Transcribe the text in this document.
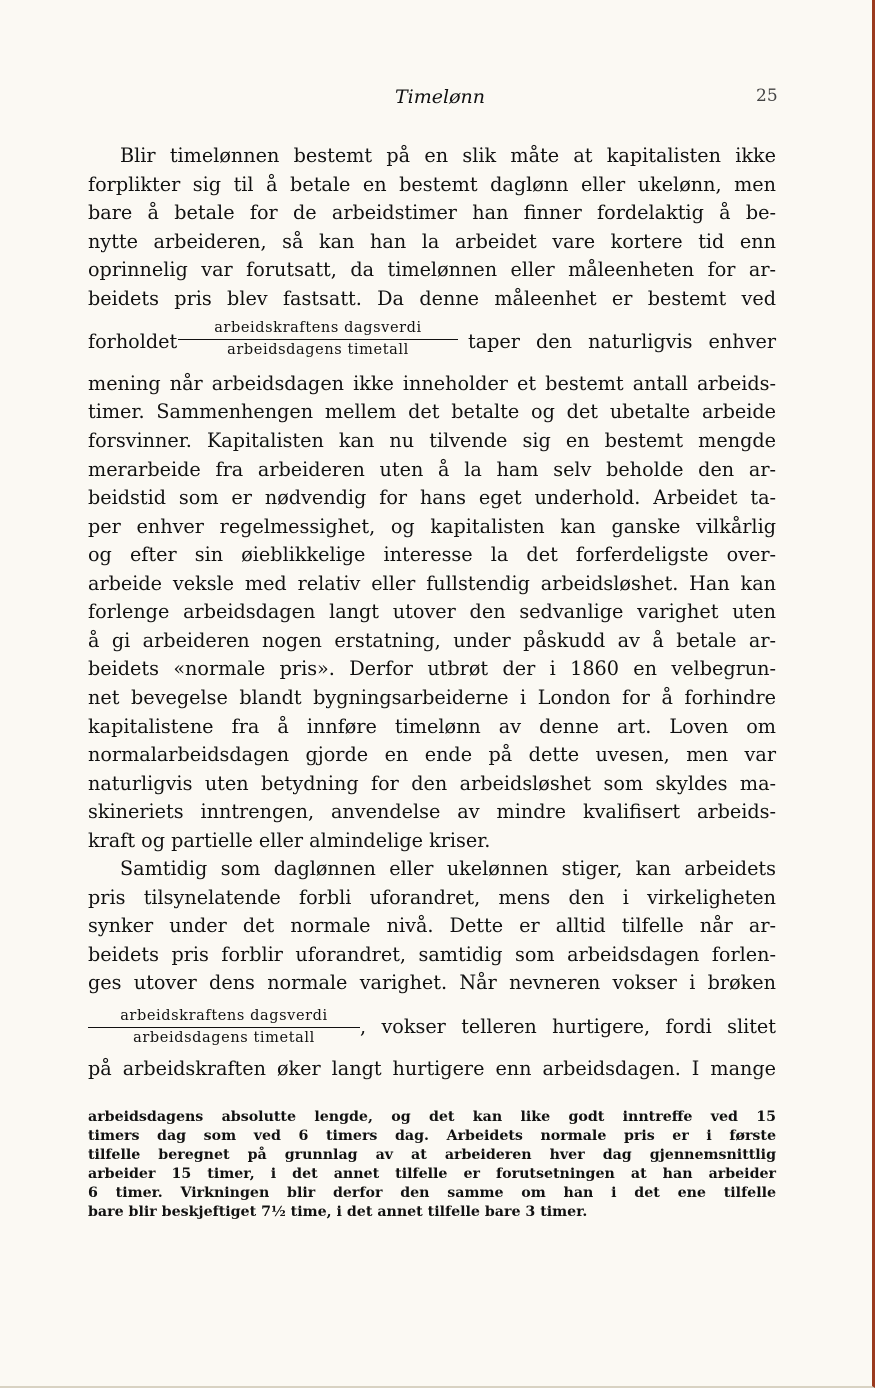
Timelønn	25
Blir timelønnen bestemt på en slik måte at kapitalisten ikke
forplikter sig til å betale en bestemt daglønn eller ukelønn, men
bare å betale for de arbeidstimer han finner fordelaktig å be-
nytte arbeideren, så kan han la arbeidet vare kortere tid enn
oprinnelig var forutsatt, da timelønnen eller måleenheten for ar-
beidets pris blev fastsatt. Da denne måleenhet er bestemt ved
forholdet
arbeidskraftens dagsverdi
arbeidsdagens timetall	taper den naturligvis enhver
mening når arbeidsdagen ikke inneholder et bestemt antall arbeids-
timer. Sammenhengen mellem det betalte og det ubetalte arbeide
forsvinner. Kapitalisten kan nu tilvende sig en bestemt mengde
merarbeide fra arbeideren uten å la ham selv beholde den ar-
beidstid som er nødvendig for hans eget underhold. Arbeidet ta-
per enhver regelmessighet, og kapitalisten kan ganske vilkårlig
og efter sin øieblikkelige interesse la det forferdeligste over-
arbeide veksle med relativ eller fullstendig arbeidsløshet. Han kan
forlenge arbeidsdagen langt utover den sedvanlige varighet uten
å gi arbeideren nogen erstatning, under påskudd av å betale ar-
beidets «normale pris». Derfor utbrøt der i 1860 en velbegrun-
net bevegelse blandt bygningsarbeiderne i London for å forhindre
kapitalistene fra å innføre timelønn av denne art. Loven om
normalarbeidsdagen gjorde en ende på dette uvesen, men var
naturligvis uten betydning for den arbeidsløshet som skyldes ma-
skineriets inntrengen, anvendelse av mindre kvalifisert arbeids-
kraft og partielle eller almindelige kriser.
Samtidig som daglønnen eller ukelønnen stiger, kan arbeidets
pris tilsynelatende forbli uforandret, mens den i virkeligheten
synker under det normale nivå. Dette er alltid tilfelle når ar-
beidets pris forblir uforandret, samtidig som arbeidsdagen forlen-
ges utover dens normale varighet. Når nevneren vokser i brøken
arbeidskraftens dagsverdi
arbeidsdagens timetall	, vokser telleren hurtigere, fordi slitet
på arbeidskraften øker langt hurtigere enn arbeidsdagen. I mange
arbeidsdagens absolutte lengde, og det kan like godt inntreffe ved 15
timers dag som ved 6 timers dag. Arbeidets normale pris er i første
tilfelle beregnet på grunnlag av at arbeideren hver dag gjennemsnittlig
arbeider 15 timer, i det annet tilfelle er forutsetningen at han arbeider
6 timer. Virkningen blir derfor den samme om han i det ene tilfelle
bare blir beskjeftiget 7½ time, i det annet tilfelle bare 3 timer.
